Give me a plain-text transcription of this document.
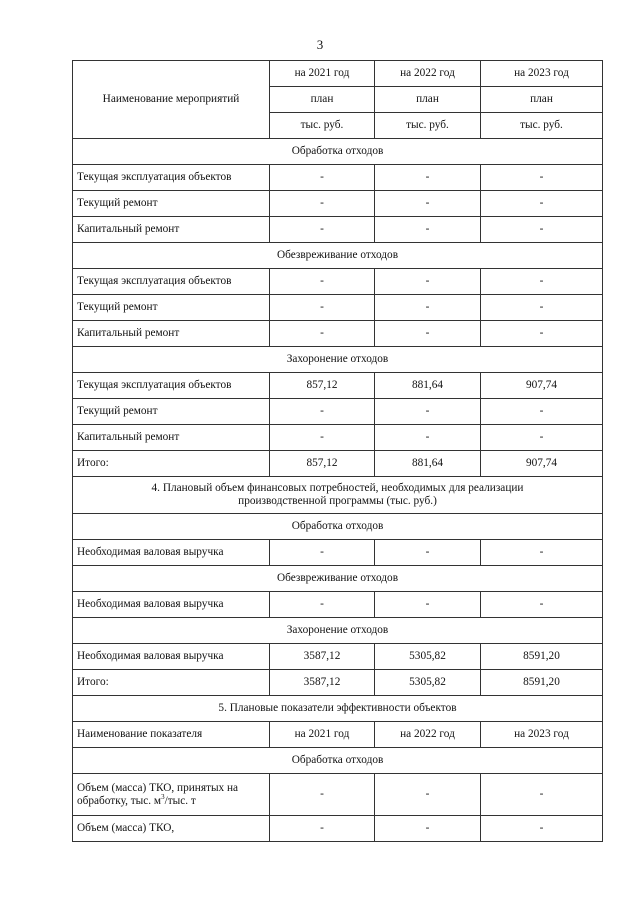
3
Наименование мероприятий	на 2021 год	на 2022 год	на 2023 год
	план	план	план
	тыс. руб.	тыс. руб.	тыс. руб.
Обработка отходов			
Текущая эксплуатация объектов	-	-	-
Текущий ремонт	-	-	-
Капитальный ремонт	-	-	-
Обезвреживание отходов			
Текущая эксплуатация объектов	-	-	-
Текущий ремонт	-	-	-
Капитальный ремонт	-	-	-
Захоронение отходов			
Текущая эксплуатация объектов	857,12	881,64	907,74
Текущий ремонт	-	-	-
Капитальный ремонт	-	-	-
Итого:	857,12	881,64	907,74
4. Плановый объем финансовых потребностей, необходимых для реализации
производственной программы (тыс. руб.)			
Обработка отходов			
Необходимая валовая выручка	-	-	-
Обезвреживание отходов			
Необходимая валовая выручка	-	-	-
Захоронение отходов			
Необходимая валовая выручка	3587,12	5305,82	8591,20
Итого:	3587,12	5305,82	8591,20
5. Плановые показатели эффективности объектов			
Наименование показателя	на 2021 год	на 2022 год	на 2023 год
Обработка отходов			
Объем (масса) ТКО, принятых на
обработку, тыс. $м^3$/тыс. т	-	-	-
Объем (масса) ТКО,	-	-	-
